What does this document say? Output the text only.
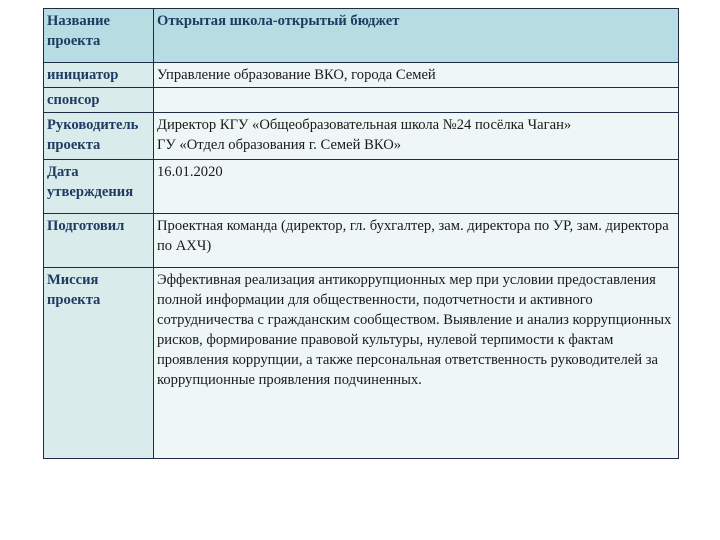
Название проекта	Открытая школа-открытый бюджет
инициатор	Управление образование ВКО, города Семей
спонсор	
Руководитель проекта	Директор КГУ «Общеобразовательная школа №24 посёлка Чаган»

ГУ «Отдел образования г. Семей ВКО»

Дата утверждения	16.01.2020
Подготовил	Проектная команда (директор, гл. бухгалтер, зам. директора по УР, зам. директора по АХЧ)
Миссия проекта	Эффективная реализация антикоррупционных мер при условии предоставления полной информации для общественности, подотчетности и активного сотрудничества с гражданским сообществом. Выявление и анализ коррупционных рисков, формирование правовой культуры, нулевой терпимости к фактам проявления коррупции, а также персональная ответственность руководителей за коррупционные проявления подчиненных.
